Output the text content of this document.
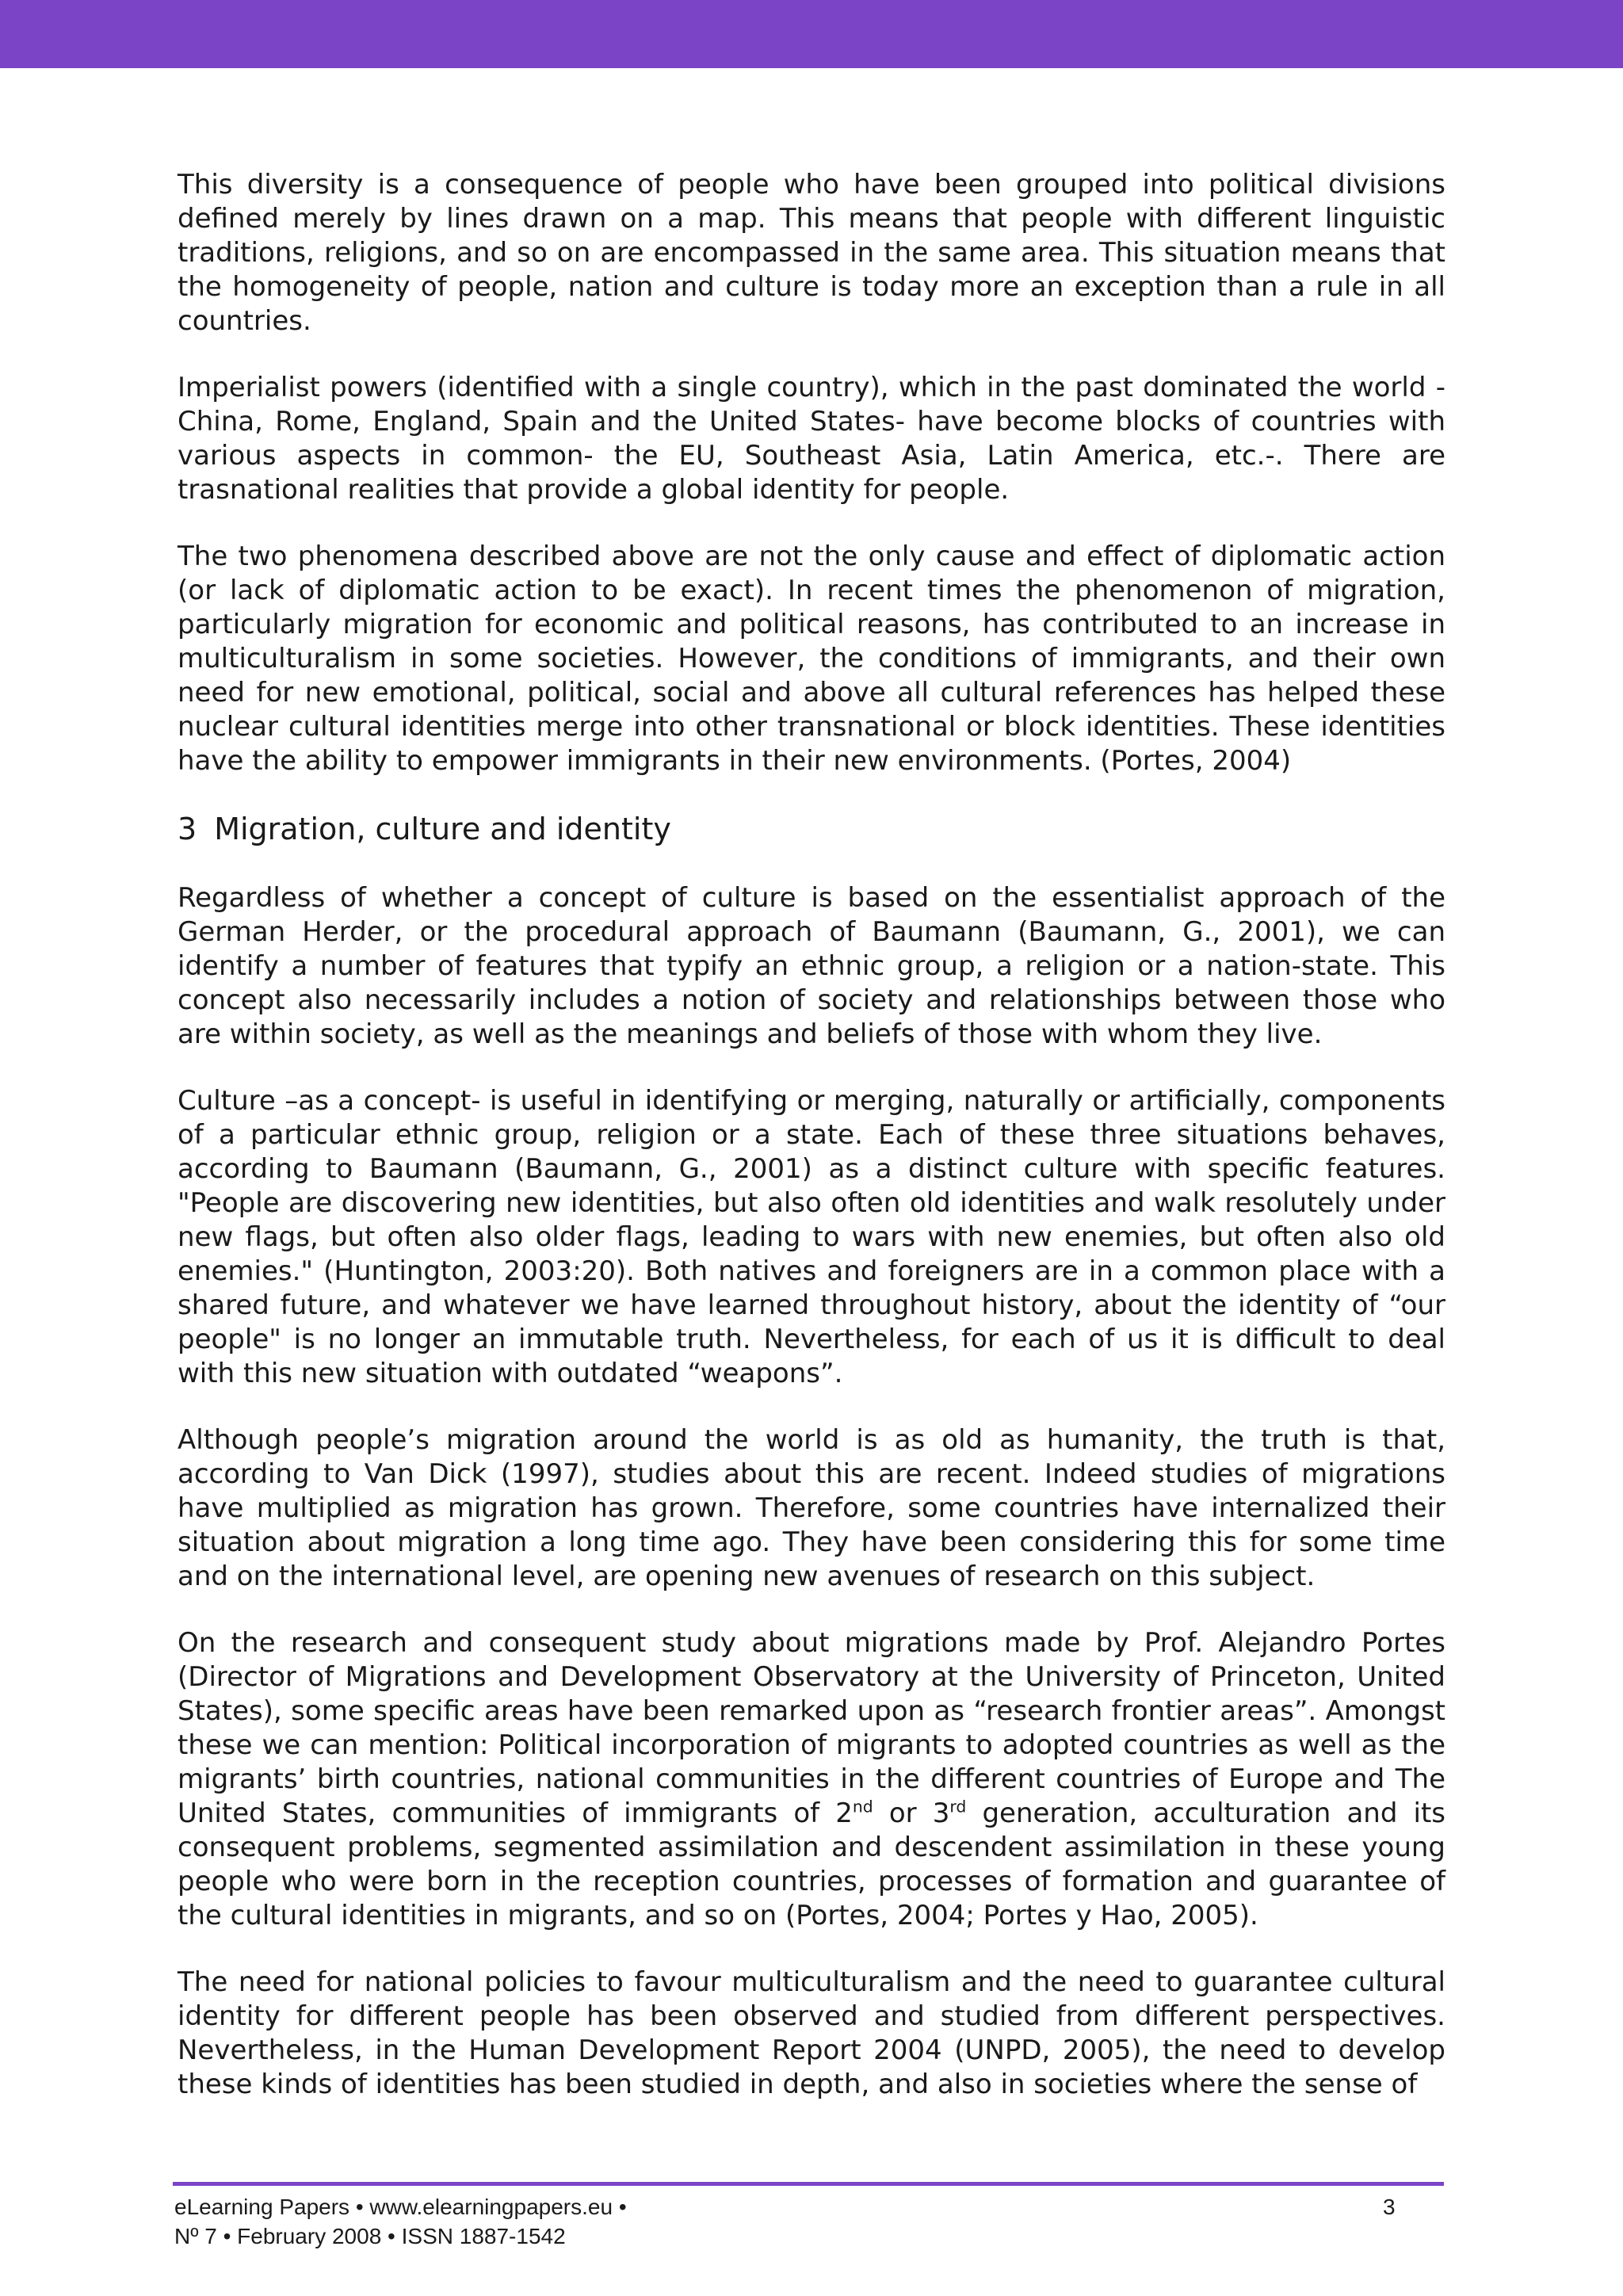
This diversity is a consequence of people who have been grouped into political divisions defined merely by lines drawn on a map. This means that people with different linguistic traditions, religions, and so on are encompassed in the same area. This situation means that the homogeneity of people, nation and culture is today more an exception than a rule in all countries.

Imperialist powers (identified with a single country), which in the past dominated the world - China, Rome, England, Spain and the United States- have become blocks of countries with various aspects in common- the EU, Southeast Asia, Latin America, etc.-. There are trasnational realities that provide a global identity for people.

The two phenomena described above are not the only cause and effect of diplomatic action (or lack of diplomatic action to be exact). In recent times the phenomenon of migration, particularly migration for economic and political reasons, has contributed to an increase in multiculturalism in some societies. However, the conditions of immigrants, and their own need for new emotional, political, social and above all cultural references has helped these nuclear cultural identities merge into other transnational or block identities. These identities have the ability to empower immigrants in their new environments. (Portes, 2004)

3 Migration, culture and identity

Regardless of whether a concept of culture is based on the essentialist approach of the German Herder, or the procedural approach of Baumann (Baumann, G., 2001), we can identify a number of features that typify an ethnic group, a religion or a nation-state. This concept also necessarily includes a notion of society and relationships between those who are within society, as well as the meanings and beliefs of those with whom they live.

Culture –as a concept- is useful in identifying or merging, naturally or artificially, components of a particular ethnic group, religion or a state. Each of these three situations behaves, according to Baumann (Baumann, G., 2001) as a distinct culture with specific features. "People are discovering new identities, but also often old identities and walk resolutely under new flags, but often also older flags, leading to wars with new enemies, but often also old enemies." (Huntington, 2003:20). Both natives and foreigners are in a common place with a shared future, and whatever we have learned throughout history, about the identity of “our people" is no longer an immutable truth. Nevertheless, for each of us it is difficult to deal with this new situation with outdated “weapons”.

Although people’s migration around the world is as old as humanity, the truth is that, according to Van Dick (1997), studies about this are recent. Indeed studies of migrations have multiplied as migration has grown. Therefore, some countries have internalized their situation about migration a long time ago. They have been considering this for some time and on the international level, are opening new avenues of research on this subject.

On the research and consequent study about migrations made by Prof. Alejandro Portes (Director of Migrations and Development Observatory at the University of Princeton, United States), some specific areas have been remarked upon as “research frontier areas”. Amongst these we can mention: Political incorporation of migrants to adopted countries as well as the migrants’ birth countries, national communities in the different countries of Europe and The United States, communities of immigrants of 2nd or 3rd generation, acculturation and its consequent problems, segmented assimilation and descendent assimilation in these young people who were born in the reception countries, processes of formation and guarantee of the cultural identities in migrants, and so on (Portes, 2004; Portes y Hao, 2005).

The need for national policies to favour multiculturalism and the need to guarantee cultural identity for different people has been observed and studied from different perspectives. Nevertheless, in the Human Development Report 2004 (UNPD, 2005), the need to develop these kinds of identities has been studied in depth, and also in societies where the sense of

eLearning Papers • www.elearningpapers.eu •
Nº 7 • February 2008 • ISSN 1887-1542
3
